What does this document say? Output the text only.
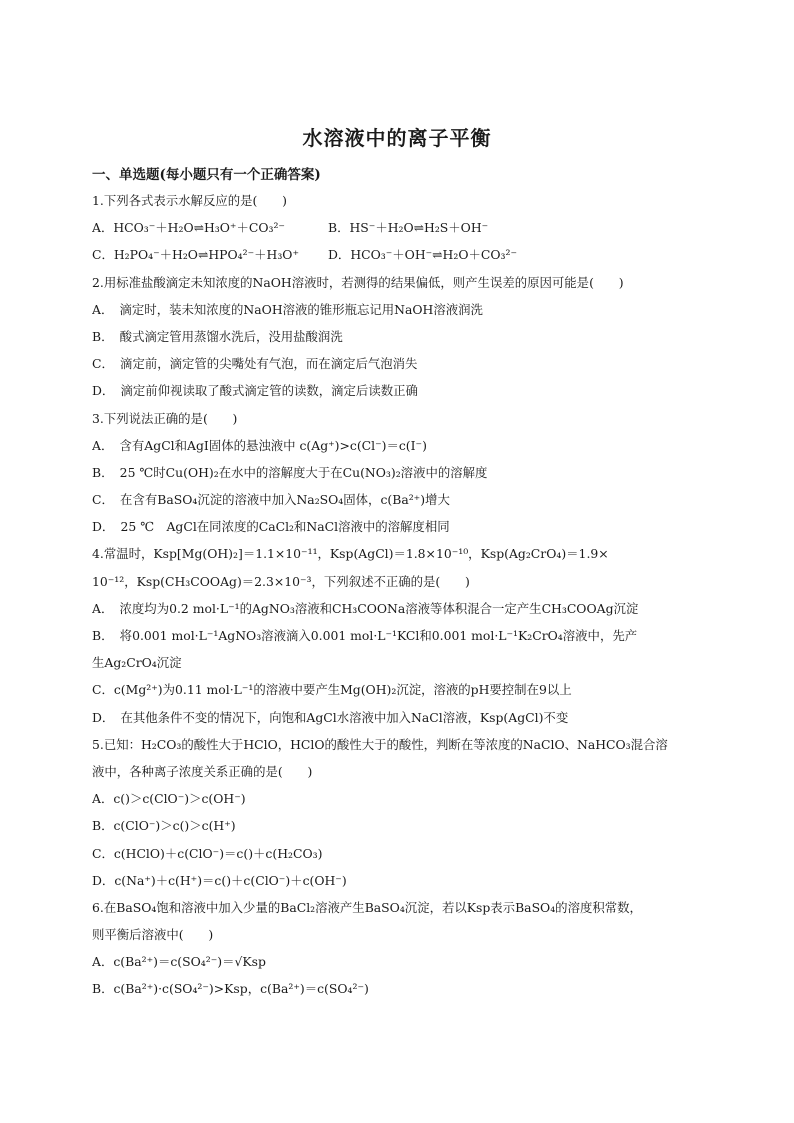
水溶液中的离子平衡
一、单选题(每小题只有一个正确答案)
1.下列各式表示水解反应的是(　　)
A．HCO₃⁻＋H₂O⇌H₃O⁺＋CO₃²⁻	B．HS⁻＋H₂O⇌H₂S＋OH⁻
C．H₂PO₄⁻＋H₂O⇌HPO₄²⁻＋H₃O⁺ D．HCO₃⁻＋OH⁻⇌H₂O＋CO₃²⁻
2.用标准盐酸滴定未知浓度的NaOH溶液时，若测得的结果偏低，则产生误差的原因可能是(　　)
A．　滴定时，装未知浓度的NaOH溶液的锥形瓶忘记用NaOH溶液润洗
B．　酸式滴定管用蒸馏水洗后，没用盐酸润洗
C．　滴定前，滴定管的尖嘴处有气泡，而在滴定后气泡消失
D．　滴定前仰视读取了酸式滴定管的读数，滴定后读数正确
3.下列说法正确的是(　　)
A．　含有AgCl和AgI固体的悬浊液中 c(Ag⁺)>c(Cl⁻)＝c(I⁻)
B．　25 ℃时Cu(OH)₂在水中的溶解度大于在Cu(NO₃)₂溶液中的溶解度
C．　在含有BaSO₄沉淀的溶液中加入Na₂SO₄固体，c(Ba²⁺)增大
D．　25 ℃　AgCl在同浓度的CaCl₂和NaCl溶液中的溶解度相同
4.常温时，Ksp[Mg(OH)₂]＝1.1×10⁻¹¹，Ksp(AgCl)＝1.8×10⁻¹⁰，Ksp(Ag₂CrO₄)＝1.9×
10⁻¹²，Ksp(CH₃COOAg)＝2.3×10⁻³，下列叙述不正确的是(　　)
A．　浓度均为0.2 mol·L⁻¹的AgNO₃溶液和CH₃COONa溶液等体积混合一定产生CH₃COOAg沉淀
B．　将0.001 mol·L⁻¹AgNO₃溶液滴入0.001 mol·L⁻¹KCl和0.001 mol·L⁻¹K₂CrO₄溶液中，先产
生Ag₂CrO₄沉淀
C．c(Mg²⁺)为0.11 mol·L⁻¹的溶液中要产生Mg(OH)₂沉淀，溶液的pH要控制在9以上
D．　在其他条件不变的情况下，向饱和AgCl水溶液中加入NaCl溶液，Ksp(AgCl)不变
5.已知：H₂CO₃的酸性大于HClO，HClO的酸性大于的酸性，判断在等浓度的NaClO、NaHCO₃混合溶
液中，各种离子浓度关系正确的是(　　)
A．c()＞c(ClO⁻)＞c(OH⁻)
B．c(ClO⁻)＞c()＞c(H⁺)
C．c(HClO)＋c(ClO⁻)＝c()＋c(H₂CO₃)
D．c(Na⁺)＋c(H⁺)＝c()＋c(ClO⁻)＋c(OH⁻)
6.在BaSO₄饱和溶液中加入少量的BaCl₂溶液产生BaSO₄沉淀，若以Ksp表示BaSO₄的溶度积常数，
则平衡后溶液中(　　)
A．c(Ba²⁺)＝c(SO₄²⁻)＝√Ksp
B．c(Ba²⁺)·c(SO₄²⁻)>Ksp，c(Ba²⁺)＝c(SO₄²⁻)
